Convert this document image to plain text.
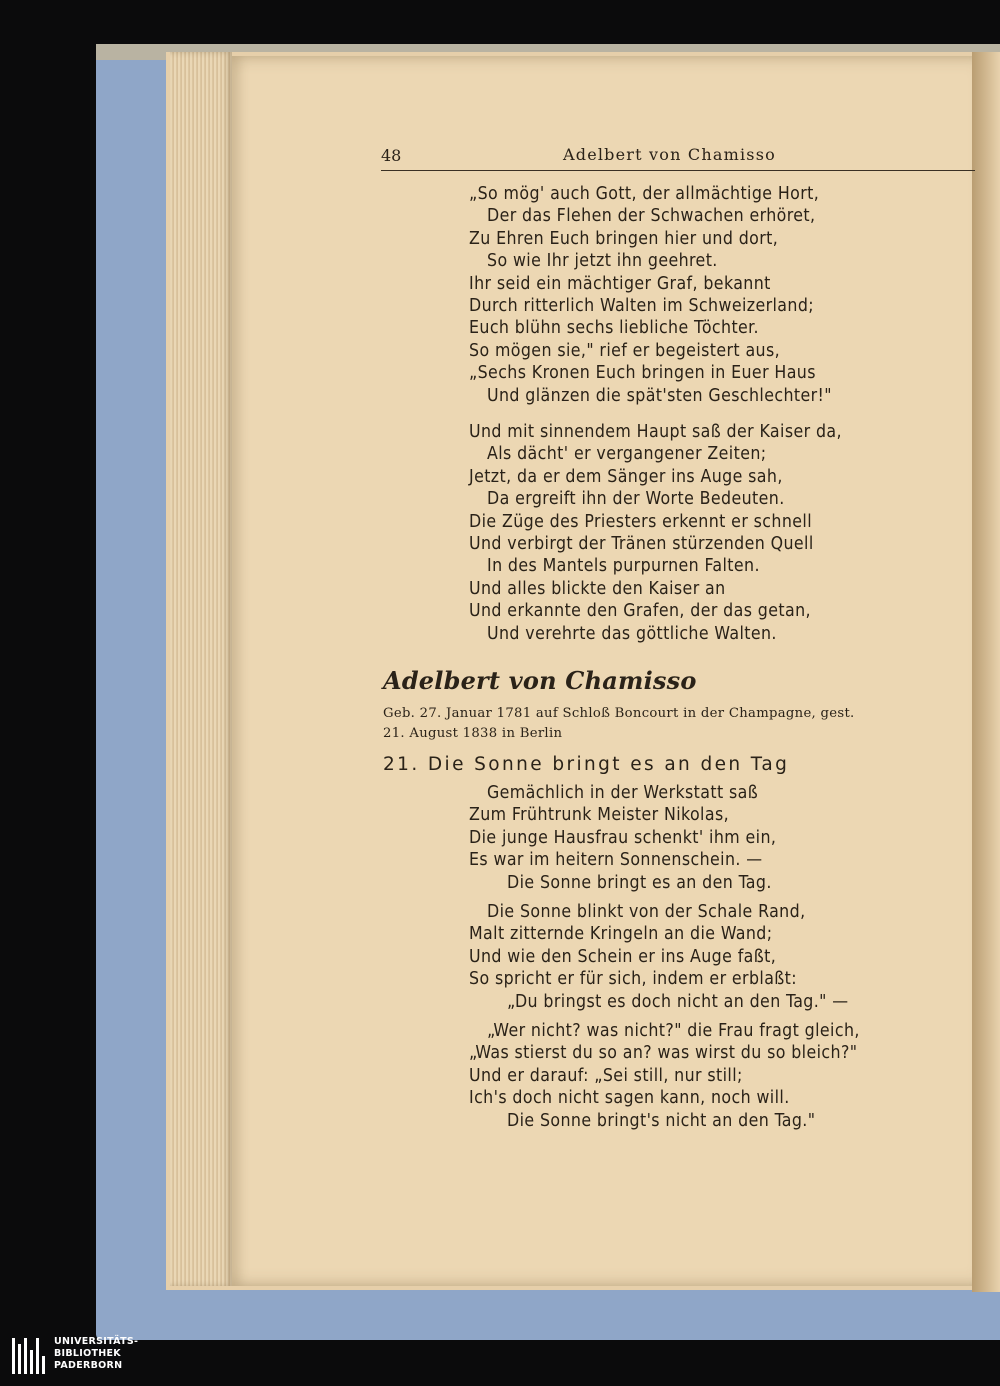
48	Adelbert von Chamisso
„So mög' auch Gott, der allmächtige Hort,
Der das Flehen der Schwachen erhöret,
Zu Ehren Euch bringen hier und dort,
So wie Ihr jetzt ihn geehret.
Ihr seid ein mächtiger Graf, bekannt
Durch ritterlich Walten im Schweizerland;
Euch blühn sechs liebliche Töchter.
So mögen sie," rief er begeistert aus,
„Sechs Kronen Euch bringen in Euer Haus
Und glänzen die spät'sten Geschlechter!"
Und mit sinnendem Haupt saß der Kaiser da,
Als dächt' er vergangener Zeiten;
Jetzt, da er dem Sänger ins Auge sah,
Da ergreift ihn der Worte Bedeuten.
Die Züge des Priesters erkennt er schnell
Und verbirgt der Tränen stürzenden Quell
In des Mantels purpurnen Falten.
Und alles blickte den Kaiser an
Und erkannte den Grafen, der das getan,
Und verehrte das göttliche Walten.
Adelbert von Chamisso
Geb. 27. Januar 1781 auf Schloß Boncourt in der Champagne, gest.
21. August 1838 in Berlin
21. Die Sonne bringt es an den Tag
Gemächlich in der Werkstatt saß
Zum Frühtrunk Meister Nikolas,
Die junge Hausfrau schenkt' ihm ein,
Es war im heitern Sonnenschein. —
Die Sonne bringt es an den Tag.
Die Sonne blinkt von der Schale Rand,
Malt zitternde Kringeln an die Wand;
Und wie den Schein er ins Auge faßt,
So spricht er für sich, indem er erblaßt:
„Du bringst es doch nicht an den Tag." —
„Wer nicht? was nicht?" die Frau fragt gleich,
„Was stierst du so an? was wirst du so bleich?"
Und er darauf: „Sei still, nur still;
Ich's doch nicht sagen kann, noch will.
Die Sonne bringt's nicht an den Tag."
UNIVERSITÄTS-
BIBLIOTHEK
PADERBORN
